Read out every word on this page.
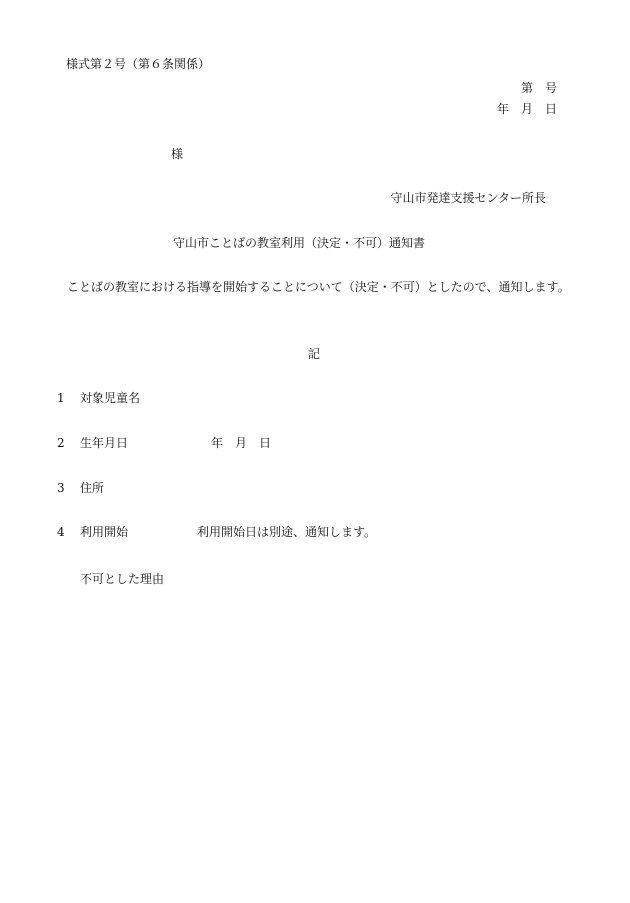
様式第２号（第６条関係）
第　号
年　月　日
様
守山市発達支援センター所長
守山市ことばの教室利用（決定・不可）通知書
ことばの教室における指導を開始することについて（決定・不可）としたので、通知します。
記
1 対象児童名
2 生年月日	年　月　日
3 住所
4 利用開始	利用開始日は別途、通知します。
不可とした理由
